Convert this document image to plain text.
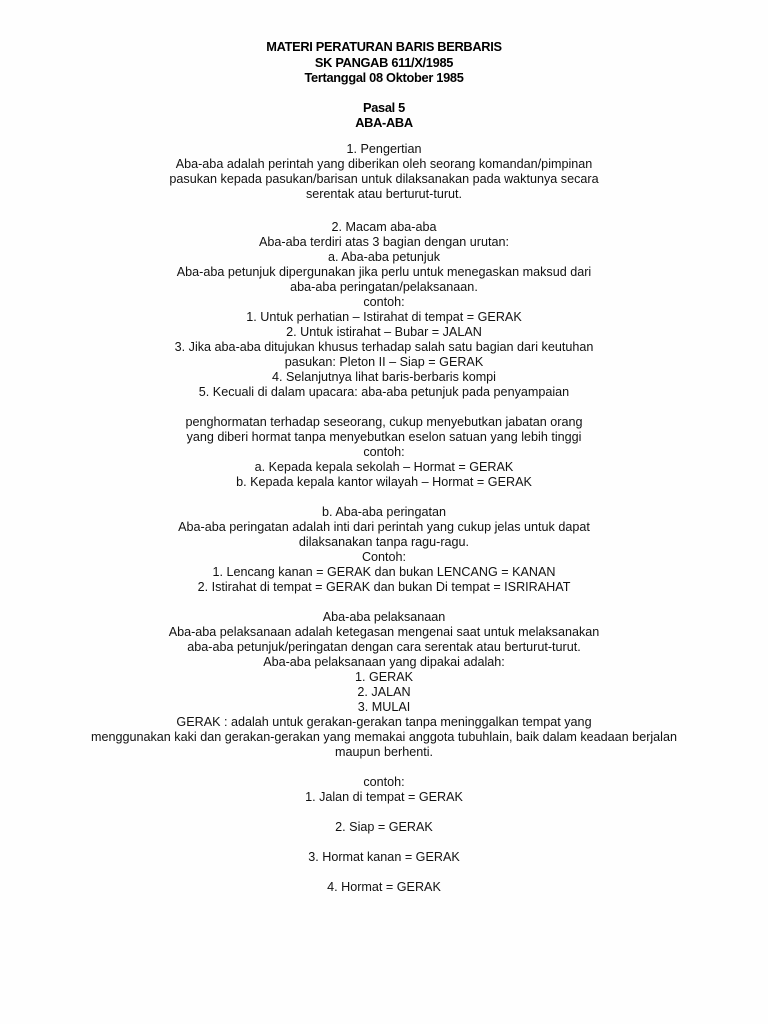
MATERI PERATURAN BARIS BERBARIS
SK PANGAB 611/X/1985
Tertanggal 08 Oktober 1985
Pasal 5
ABA-ABA
1. Pengertian
Aba-aba adalah perintah yang diberikan oleh seorang komandan/pimpinan
pasukan kepada pasukan/barisan untuk dilaksanakan pada waktunya secara
serentak atau berturut-turut.
2. Macam aba-aba
Aba-aba terdiri atas 3 bagian dengan urutan:
a. Aba-aba petunjuk
Aba-aba petunjuk dipergunakan jika perlu untuk menegaskan maksud dari
aba-aba peringatan/pelaksanaan.
contoh:
1. Untuk perhatian – Istirahat di tempat = GERAK
2. Untuk istirahat – Bubar = JALAN
3. Jika aba-aba ditujukan khusus terhadap salah satu bagian dari keutuhan
pasukan: Pleton II – Siap = GERAK
4. Selanjutnya lihat baris-berbaris kompi
5. Kecuali di dalam upacara: aba-aba petunjuk pada penyampaian
penghormatan terhadap seseorang, cukup menyebutkan jabatan orang
yang diberi hormat tanpa menyebutkan eselon satuan yang lebih tinggi
contoh:
a. Kepada kepala sekolah – Hormat = GERAK
b. Kepada kepala kantor wilayah – Hormat = GERAK
b. Aba-aba peringatan
Aba-aba peringatan adalah inti dari perintah yang cukup jelas untuk dapat
dilaksanakan tanpa ragu-ragu.
Contoh:
1. Lencang kanan = GERAK dan bukan LENCANG = KANAN
2. Istirahat di tempat = GERAK dan bukan Di tempat = ISRIRAHAT
Aba-aba pelaksanaan
Aba-aba pelaksanaan adalah ketegasan mengenai saat untuk melaksanakan
aba-aba petunjuk/peringatan dengan cara serentak atau berturut-turut.
Aba-aba pelaksanaan yang dipakai adalah:
1. GERAK
2. JALAN
3. MULAI
GERAK : adalah untuk gerakan-gerakan tanpa meninggalkan tempat yang
menggunakan kaki dan gerakan-gerakan yang memakai anggota tubuhlain, baik dalam keadaan berjalan
maupun berhenti.
contoh:
1. Jalan di tempat = GERAK
2. Siap = GERAK
3. Hormat kanan = GERAK
4. Hormat = GERAK
